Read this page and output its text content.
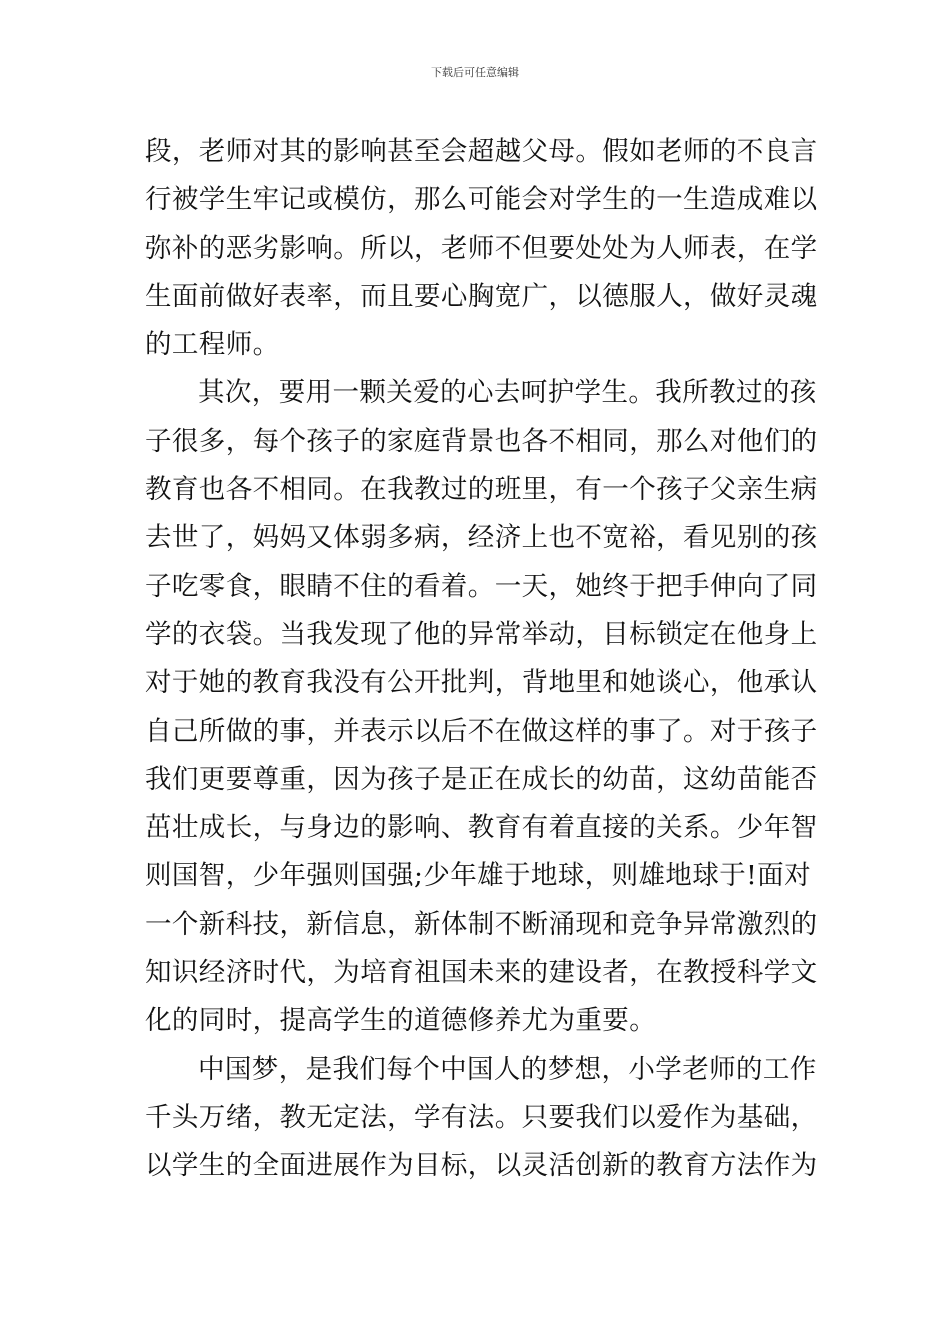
下载后可任意编辑
段，老师对其的影响甚至会超越父母。假如老师的不良言
行被学生牢记或模仿，那么可能会对学生的一生造成难以
弥补的恶劣影响。所以，老师不但要处处为人师表，在学
生面前做好表率，而且要心胸宽广，以德服人，做好灵魂
的工程师。
其次，要用一颗关爱的心去呵护学生。我所教过的孩
子很多，每个孩子的家庭背景也各不相同，那么对他们的
教育也各不相同。在我教过的班里，有一个孩子父亲生病
去世了，妈妈又体弱多病，经济上也不宽裕，看见别的孩
子吃零食，眼睛不住的看着。一天，她终于把手伸向了同
学的衣袋。当我发现了他的异常举动，目标锁定在他身上
对于她的教育我没有公开批判，背地里和她谈心，他承认
自己所做的事，并表示以后不在做这样的事了。对于孩子
我们更要尊重，因为孩子是正在成长的幼苗，这幼苗能否
茁壮成长，与身边的影响、教育有着直接的关系。少年智
则国智，少年强则国强;少年雄于地球，则雄地球于!面对
一个新科技，新信息，新体制不断涌现和竞争异常激烈的
知识经济时代，为培育祖国未来的建设者，在教授科学文
化的同时，提高学生的道德修养尤为重要。
中国梦，是我们每个中国人的梦想，小学老师的工作
千头万绪，教无定法，学有法。只要我们以爱作为基础，
以学生的全面进展作为目标，以灵活创新的教育方法作为
